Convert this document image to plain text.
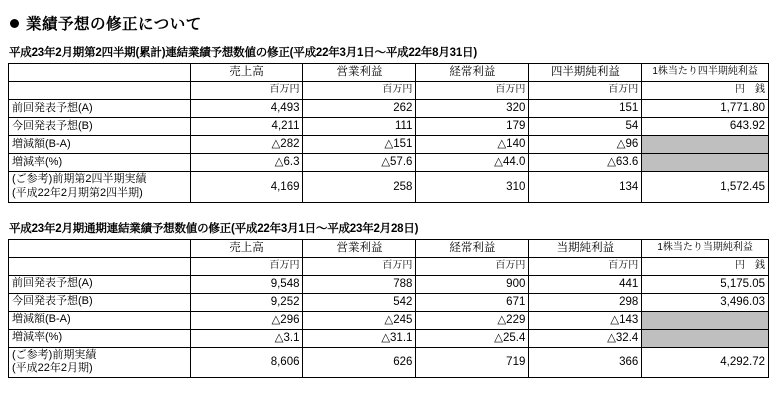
業績予想の修正について
平成23年2月期第2四半期(累計)連結業績予想数値の修正(平成22年3月1日～平成22年8月31日)
	売上高	営業利益	経常利益	四半期純利益	1株当たり四半期純利益
	百万円	百万円	百万円	百万円	円　銭
前回発表予想(A)	4,493	262	320	151	1,771.80
今回発表予想(B)	4,211	111	179	54	643.92
増減額(B-A)	△282	△151	△140	△96	
増減率(%)	△6.3	△57.6	△44.0	△63.6	

(ご参考)前期第2四半期実績
(平成22年2月期第2四半期)	4,169	258	310	134	1,572.45
平成23年2月期通期連結業績予想数値の修正(平成22年3月1日～平成23年2月28日)
	売上高	営業利益	経常利益	当期純利益	1株当たり当期純利益
	百万円	百万円	百万円	百万円	円　銭
前回発表予想(A)	9,548	788	900	441	5,175.05
今回発表予想(B)	9,252	542	671	298	3,496.03
増減額(B-A)	△296	△245	△229	△143	
増減率(%)	△3.1	△31.1	△25.4	△32.4	

(ご参考)前期実績
(平成22年2月期)	8,606	626	719	366	4,292.72
